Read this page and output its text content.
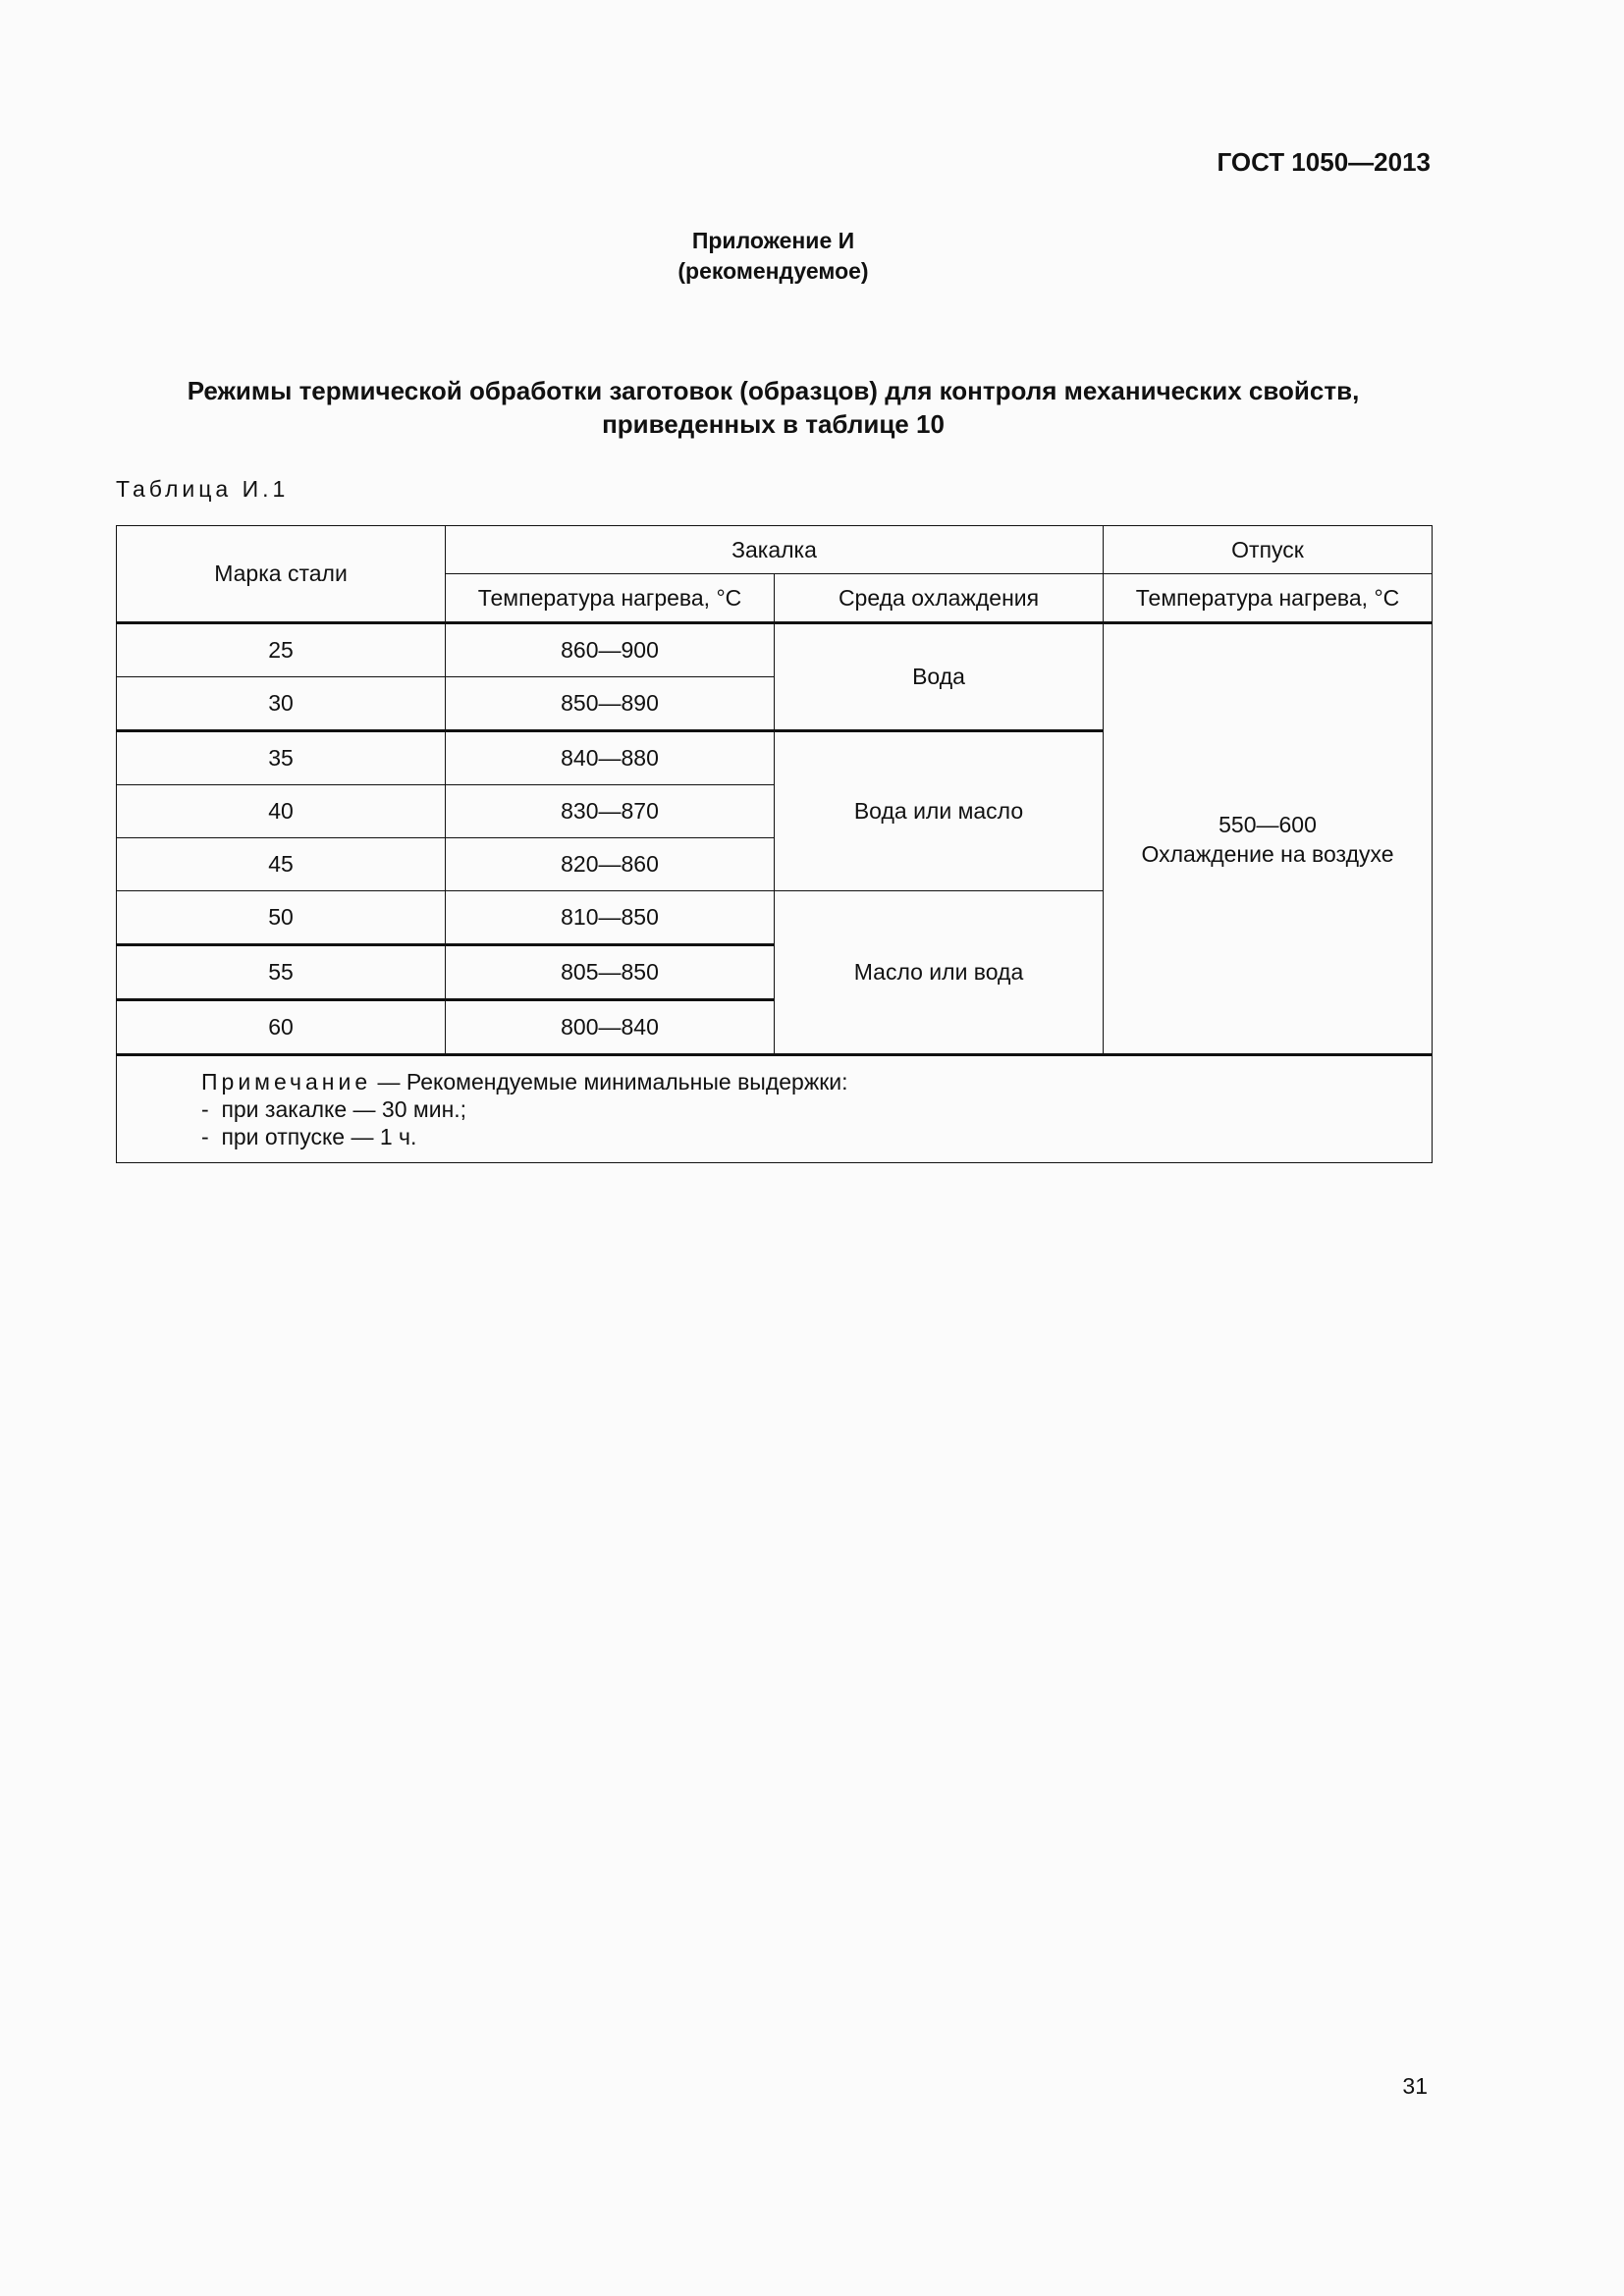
ГОСТ 1050—2013
Приложение И
(рекомендуемое)
Режимы термической обработки заготовок (образцов) для контроля механических свойств,
приведенных в таблице 10
Таблица И.1
Марка стали	Закалка		Отпуск
	Температура нагрева, °С	Среда охлаждения	Температура нагрева, °С
25	860—900	Вода	550—600
Охлаждение на воздухе

30	850—890		
35	840—880	Вода или масло	
40	830—870		
45	820—860		
50	810—850	Масло или вода	
55	805—850		
60	800—840		

Примечание — Рекомендуемые минимальные выдержки:
-  при закалке — 30 мин.;
-  при отпуске — 1 ч.			
31
